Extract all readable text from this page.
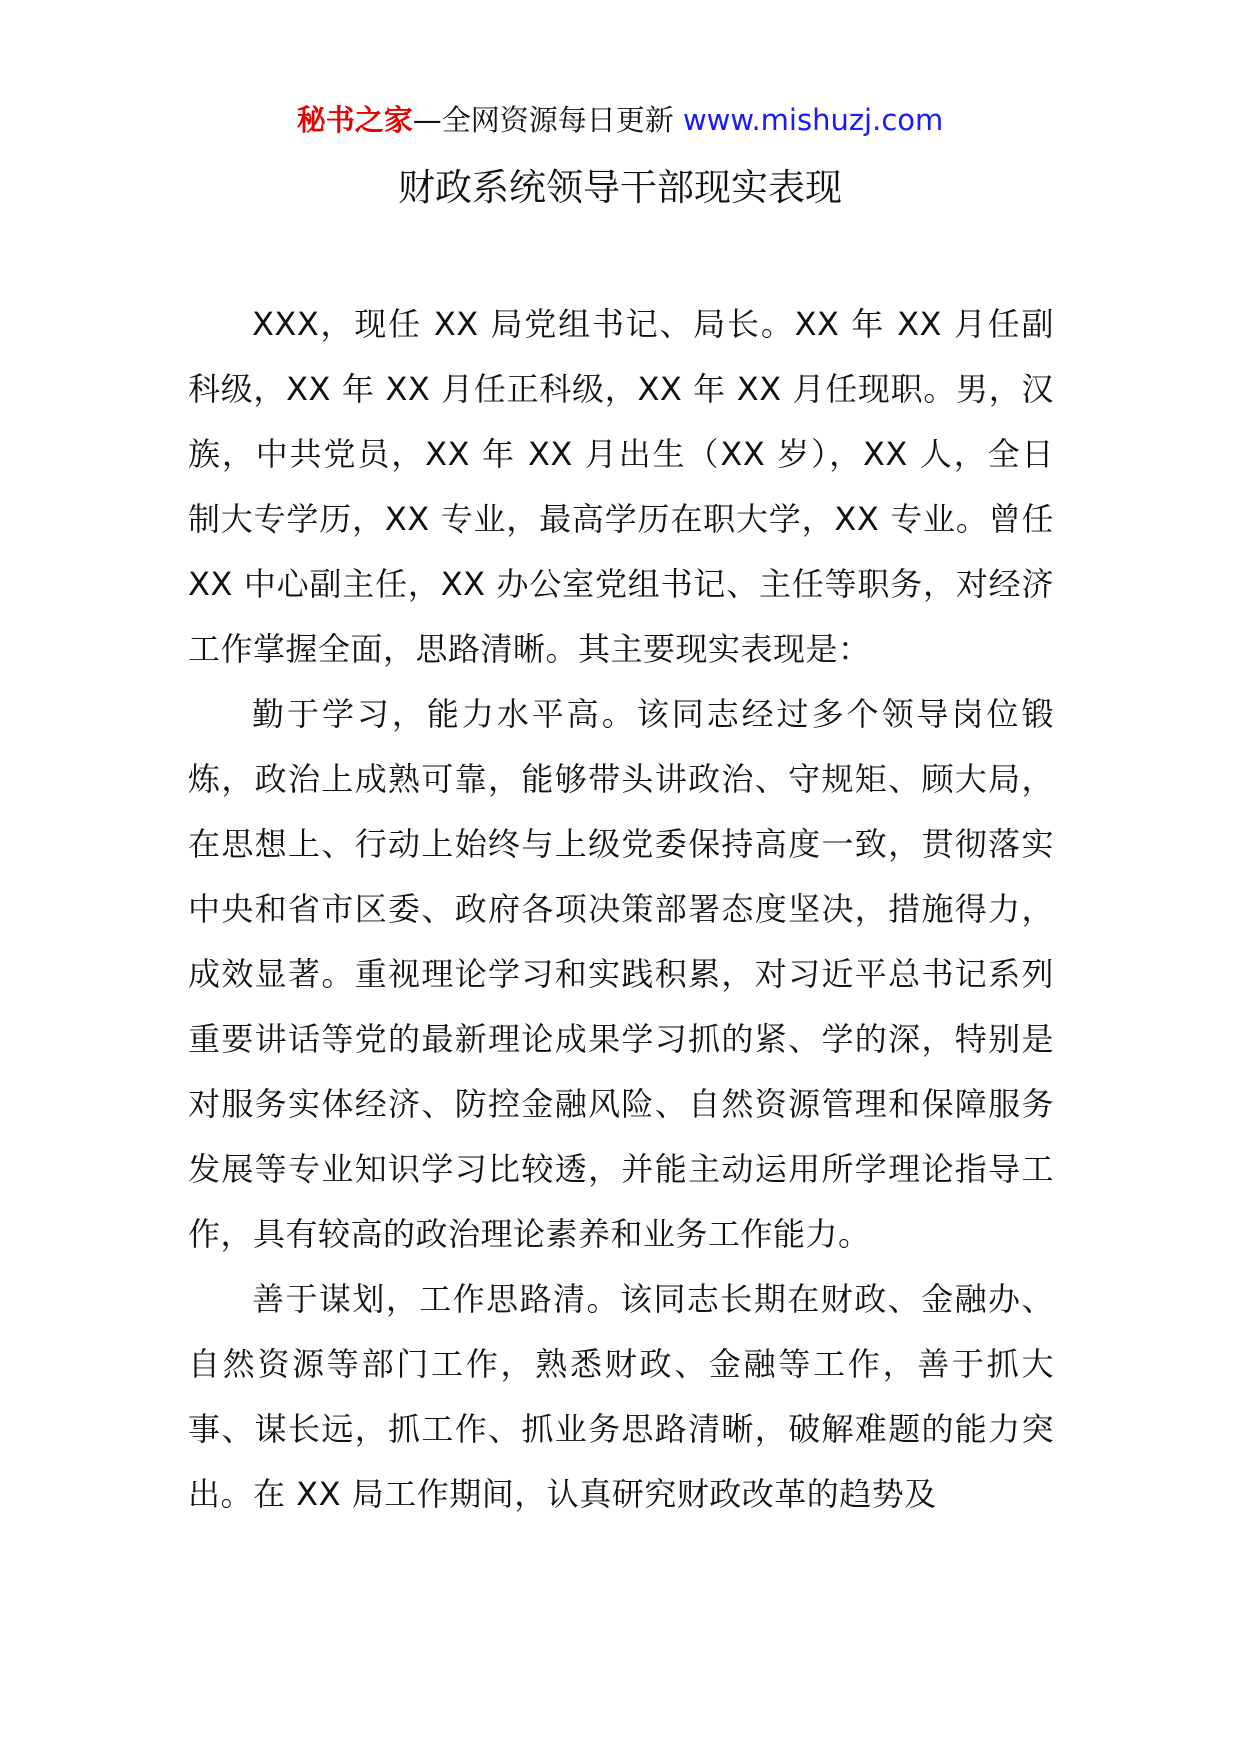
秘书之家—全网资源每日更新 www.mishuzj.com
财政系统领导干部现实表现

XXX，现任 XX 局党组书记、局长。XX 年 XX 月任副科级，XX 年 XX 月任正科级，XX 年 XX 月任现职。男，汉族，中共党员，XX 年 XX 月出生（XX 岁），XX 人，全日制大专学历，XX 专业，最高学历在职大学，XX 专业。曾任 XX 中心副主任，XX 办公室党组书记、主任等职务，对经济工作掌握全面，思路清晰。其主要现实表现是：

勤于学习，能力水平高。该同志经过多个领导岗位锻炼，政治上成熟可靠，能够带头讲政治、守规矩、顾大局，在思想上、行动上始终与上级党委保持高度一致，贯彻落实中央和省市区委、政府各项决策部署态度坚决，措施得力，成效显著。重视理论学习和实践积累，对习近平总书记系列重要讲话等党的最新理论成果学习抓的紧、学的深，特别是对服务实体经济、防控金融风险、自然资源管理和保障服务发展等专业知识学习比较透，并能主动运用所学理论指导工作，具有较高的政治理论素养和业务工作能力。

善于谋划，工作思路清。该同志长期在财政、金融办、自然资源等部门工作，熟悉财政、金融等工作，善于抓大事、谋长远，抓工作、抓业务思路清晰，破解难题的能力突出。在 XX 局工作期间，认真研究财政改革的趋势及
